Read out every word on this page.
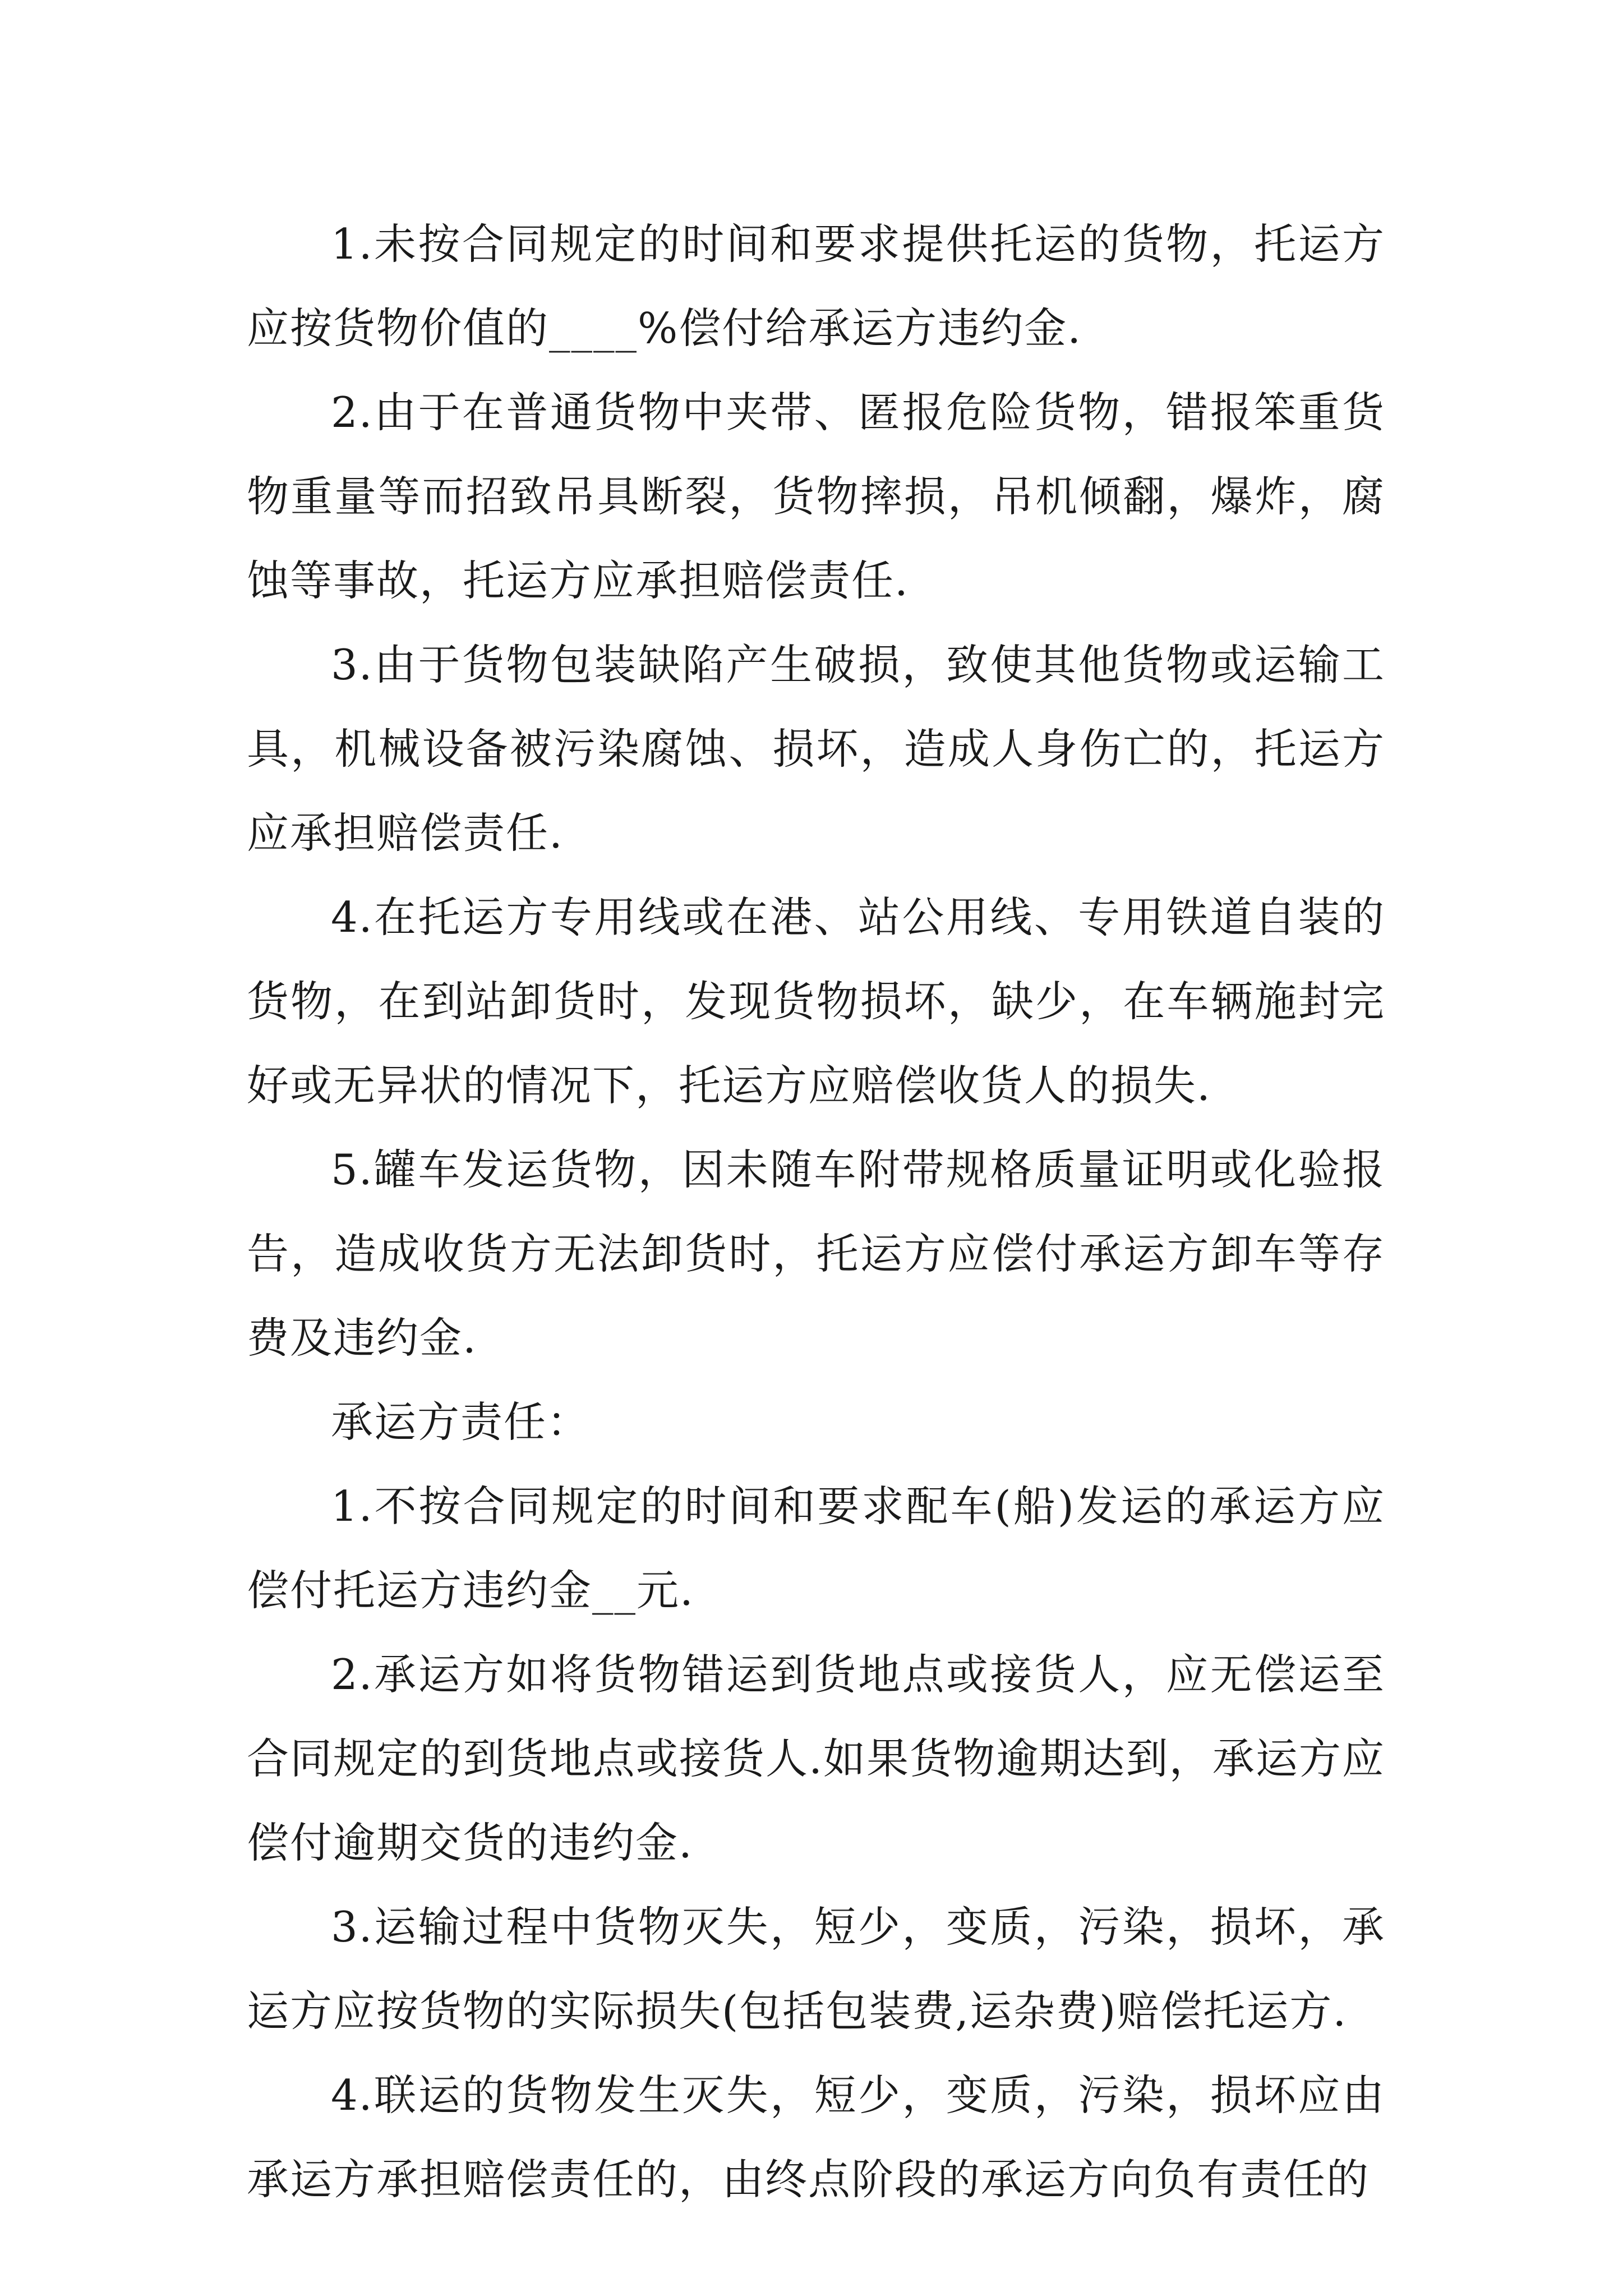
1.未按合同规定的时间和要求提供托运的货物，托运方应按货物价值的____%偿付给承运方违约金.

2.由于在普通货物中夹带、匿报危险货物，错报笨重货物重量等而招致吊具断裂，货物摔损，吊机倾翻，爆炸，腐蚀等事故，托运方应承担赔偿责任.

3.由于货物包装缺陷产生破损，致使其他货物或运输工具，机械设备被污染腐蚀、损坏，造成人身伤亡的，托运方应承担赔偿责任.

4.在托运方专用线或在港、站公用线、专用铁道自装的货物，在到站卸货时，发现货物损坏，缺少，在车辆施封完好或无异状的情况下，托运方应赔偿收货人的损失.

5.罐车发运货物，因未随车附带规格质量证明或化验报告，造成收货方无法卸货时，托运方应偿付承运方卸车等存费及违约金.

承运方责任：

1.不按合同规定的时间和要求配车(船)发运的承运方应偿付托运方违约金__元.

2.承运方如将货物错运到货地点或接货人，应无偿运至合同规定的到货地点或接货人.如果货物逾期达到，承运方应偿付逾期交货的违约金.

3.运输过程中货物灭失，短少，变质，污染，损坏，承运方应按货物的实际损失(包括包装费,运杂费)赔偿托运方.

4.联运的货物发生灭失，短少，变质，污染，损坏应由承运方承担赔偿责任的，由终点阶段的承运方向负有责任的
